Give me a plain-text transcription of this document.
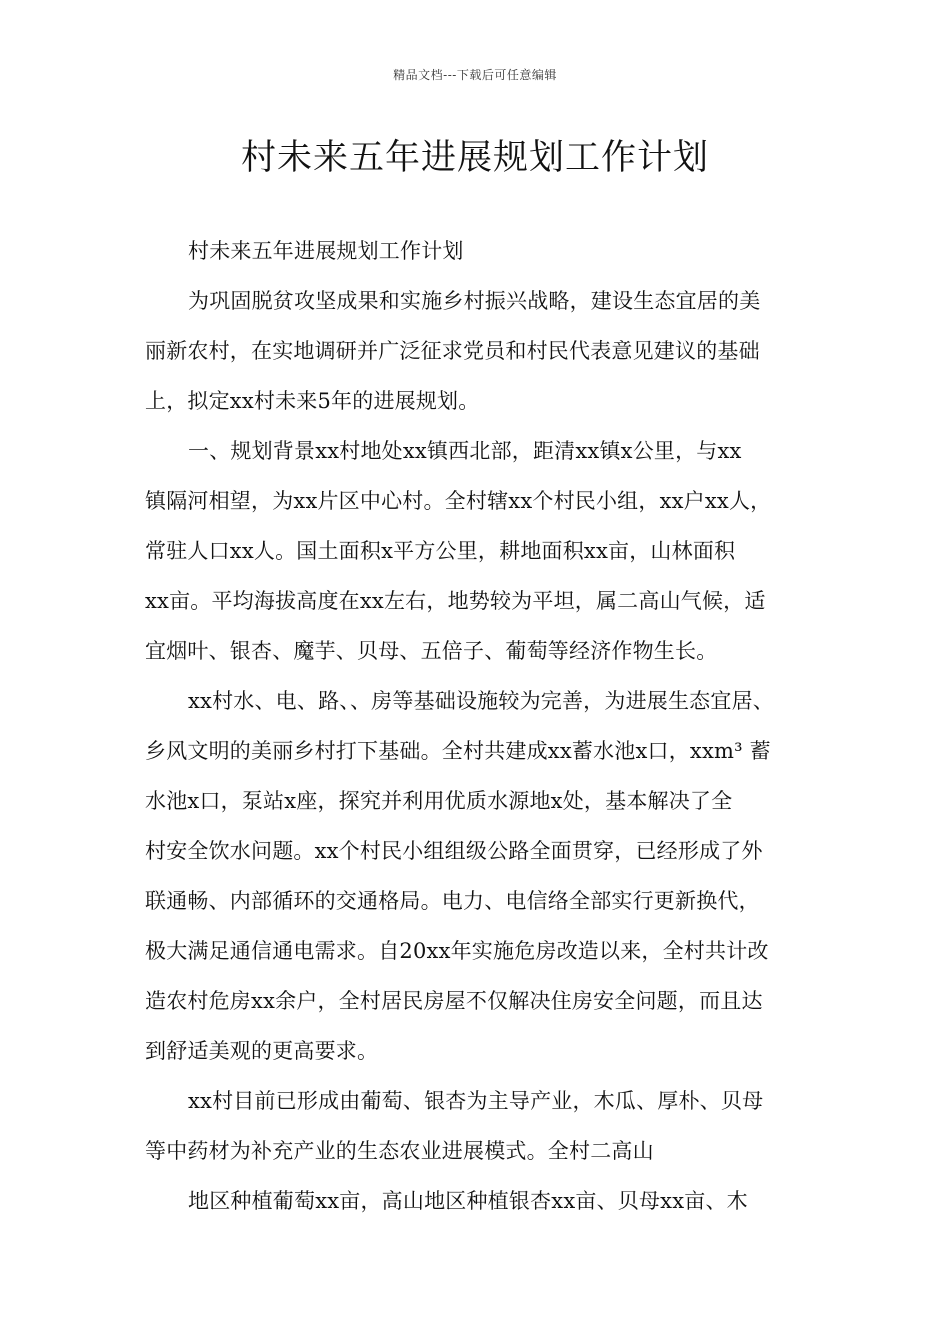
精品文档---下载后可任意编辑
村未来五年进展规划工作计划
村未来五年进展规划工作计划
为巩固脱贫攻坚成果和实施乡村振兴战略，建设生态宜居的美
丽新农村，在实地调研并广泛征求党员和村民代表意见建议的基础
上，拟定xx村未来5年的进展规划。
一、规划背景xx村地处xx镇西北部，距清xx镇x公里，与xx
镇隔河相望，为xx片区中心村。全村辖xx个村民小组，xx户xx人，
常驻人口xx人。国土面积x平方公里，耕地面积xx亩，山林面积
xx亩。平均海拔高度在xx左右，地势较为平坦，属二高山气候，适
宜烟叶、银杏、魔芋、贝母、五倍子、葡萄等经济作物生长。
xx村水、电、路、、房等基础设施较为完善，为进展生态宜居、
乡风文明的美丽乡村打下基础。全村共建成xx蓄水池x口，xxm³ 蓄
水池x口，泵站x座，探究并利用优质水源地x处，基本解决了全
村安全饮水问题。xx个村民小组组级公路全面贯穿，已经形成了外
联通畅、内部循环的交通格局。电力、电信络全部实行更新换代，
极大满足通信通电需求。自20xx年实施危房改造以来，全村共计改
造农村危房xx余户，全村居民房屋不仅解决住房安全问题，而且达
到舒适美观的更高要求。
xx村目前已形成由葡萄、银杏为主导产业，木瓜、厚朴、贝母
等中药材为补充产业的生态农业进展模式。全村二高山
地区种植葡萄xx亩，高山地区种植银杏xx亩、贝母xx亩、木
